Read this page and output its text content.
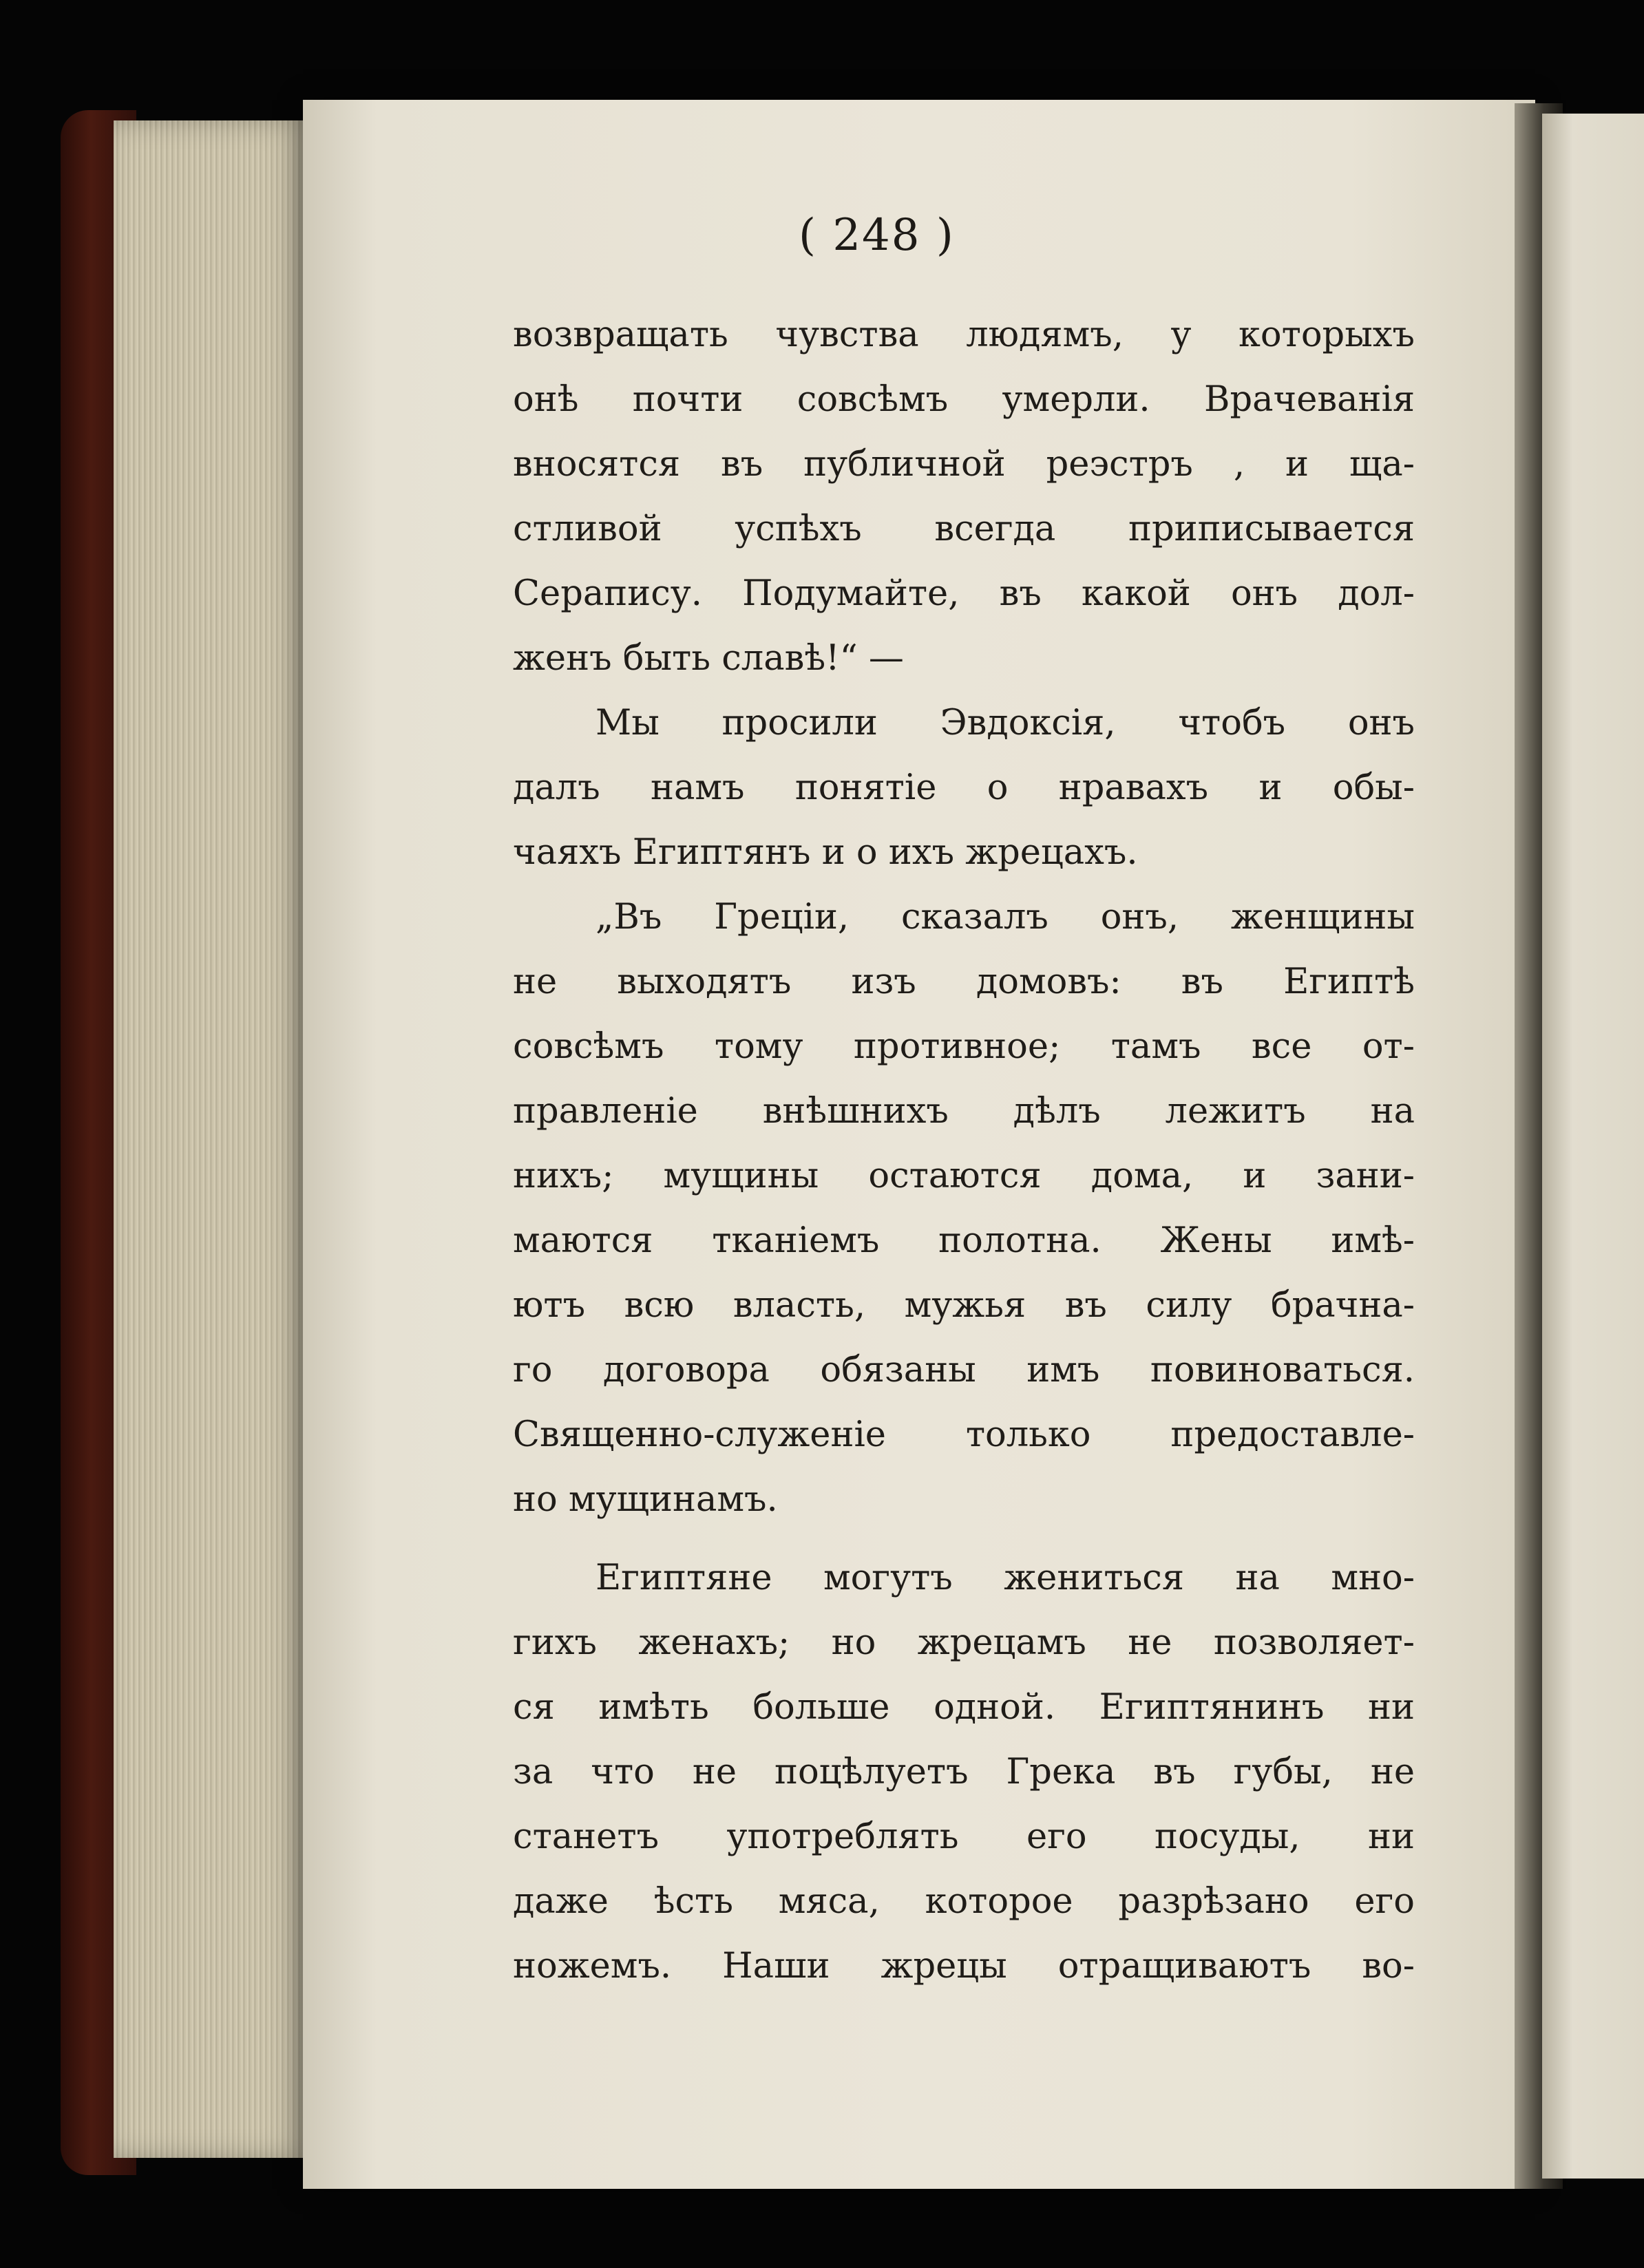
( 248 )
возвращать чувства людямъ, у которыхъ
онѣ почти совсѣмъ умерли. Врачеванія
вносятся въ публичной реэстръ , и ща-
стливой успѣхъ всегда приписывается
Серапису. Подумайте, въ какой онъ дол-
женъ быть славѣ!“ —
Мы просили Эвдоксія, чтобъ онъ
далъ намъ понятіе о нравахъ и обы-
чаяхъ Египтянъ и о ихъ жрецахъ.
„Въ Греціи, сказалъ онъ, женщины
не выходятъ изъ домовъ: въ Египтѣ
совсѣмъ тому противное; тамъ все от-
правленіе внѣшнихъ дѣлъ лежитъ на
нихъ; мущины остаются дома, и зани-
маются тканіемъ полотна. Жены имѣ-
ютъ всю власть, мужья въ силу брачна-
го договора обязаны имъ повиноваться.
Священно-служеніе только предоставле-
но мущинамъ.
Египтяне могутъ жениться на мно-
гихъ женахъ; но жрецамъ не позволяет-
ся имѣть больше одной. Египтянинъ ни
за что не поцѣлуетъ Грека въ губы, не
станетъ употреблять его посуды, ни
даже ѣсть мяса, которое разрѣзано его
ножемъ. Наши жрецы отращиваютъ во-
